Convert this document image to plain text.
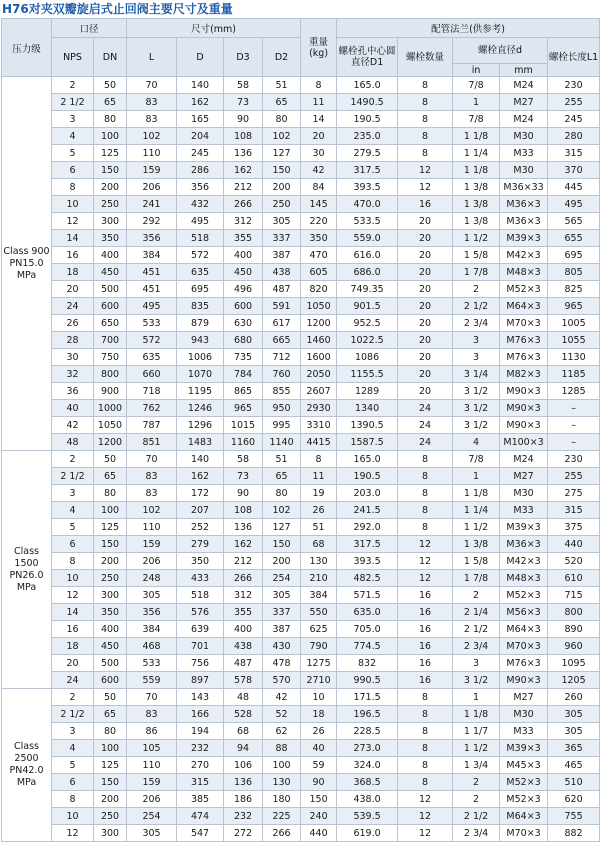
H76对夹双瓣旋启式止回阀主要尺寸及重量
压力级	口径		尺寸(mm)				重量(kg)	配管法兰(供参考)				
	NPS	DN	L	D	D3	D2		螺栓孔中心圆直径D1	螺栓数量	螺栓直径d		螺栓长度L1
										in	mm	
Class 900 PN15.0 MPa	2	50	70	140	58	51	8	165.0	8	7/8	M24	230
	2 1/2	65	83	162	73	65	11	1490.5	8	1	M27	255
	3	80	83	165	90	80	14	190.5	8	7/8	M24	245
	4	100	102	204	108	102	20	235.0	8	1 1/8	M30	280
	5	125	110	245	136	127	30	279.5	8	1 1/4	M33	315
	6	150	159	286	162	150	42	317.5	12	1 1/8	M30	370
	8	200	206	356	212	200	84	393.5	12	1 3/8	M36×33	445
	10	250	241	432	266	250	145	470.0	16	1 3/8	M36×3	495
	12	300	292	495	312	305	220	533.5	20	1 3/8	M36×3	565
	14	350	356	518	355	337	350	559.0	20	1 1/2	M39×3	655
	16	400	384	572	400	387	470	616.0	20	1 5/8	M42×3	695
	18	450	451	635	450	438	605	686.0	20	1 7/8	M48×3	805
	20	500	451	695	496	487	820	749.35	20	2	M52×3	825
	24	600	495	835	600	591	1050	901.5	20	2 1/2	M64×3	965
	26	650	533	879	630	617	1200	952.5	20	2 3/4	M70×3	1005
	28	700	572	943	680	665	1460	1022.5	20	3	M76×3	1055
	30	750	635	1006	735	712	1600	1086	20	3	M76×3	1130
	32	800	660	1070	784	760	2050	1155.5	20	3 1/4	M82×3	1185
	36	900	718	1195	865	855	2607	1289	20	3 1/2	M90×3	1285
	40	1000	762	1246	965	950	2930	1340	24	3 1/2	M90×3	–
	42	1050	787	1296	1015	995	3310	1390.5	24	3 1/2	M90×3	–
	48	1200	851	1483	1160	1140	4415	1587.5	24	4	M100×3	–
Class 1500 PN26.0 MPa	2	50	70	140	58	51	8	165.0	8	7/8	M24	230
	2 1/2	65	83	162	73	65	11	190.5	8	1	M27	255
	3	80	83	172	90	80	19	203.0	8	1 1/8	M30	275
	4	100	102	207	108	102	26	241.5	8	1 1/4	M33	315
	5	125	110	252	136	127	51	292.0	8	1 1/2	M39×3	375
	6	150	159	279	162	150	68	317.5	12	1 3/8	M36×3	440
	8	200	206	350	212	200	130	393.5	12	1 5/8	M42×3	520
	10	250	248	433	266	254	210	482.5	12	1 7/8	M48×3	610
	12	300	305	518	312	305	384	571.5	16	2	M52×3	715
	14	350	356	576	355	337	550	635.0	16	2 1/4	M56×3	800
	16	400	384	639	400	387	625	705.0	16	2 1/2	M64×3	890
	18	450	468	701	438	430	790	774.5	16	2 3/4	M70×3	960
	20	500	533	756	487	478	1275	832	16	3	M76×3	1095
	24	600	559	897	578	570	2710	990.5	16	3 1/2	M90×3	1205
Class 2500 PN42.0 MPa	2	50	70	143	48	42	10	171.5	8	1	M27	260
	2 1/2	65	83	166	528	52	18	196.5	8	1 1/8	M30	305
	3	80	86	194	68	62	26	228.5	8	1 1/7	M33	305
	4	100	105	232	94	88	40	273.0	8	1 1/2	M39×3	365
	5	125	110	270	106	100	59	324.0	8	1 3/4	M45×3	465
	6	150	159	315	136	130	90	368.5	8	2	M52×3	510
	8	200	206	385	186	180	150	438.0	12	2	M52×3	620
	10	250	254	474	232	225	240	539.5	12	2 1/2	M64×3	755
	12	300	305	547	272	266	440	619.0	12	2 3/4	M70×3	882
